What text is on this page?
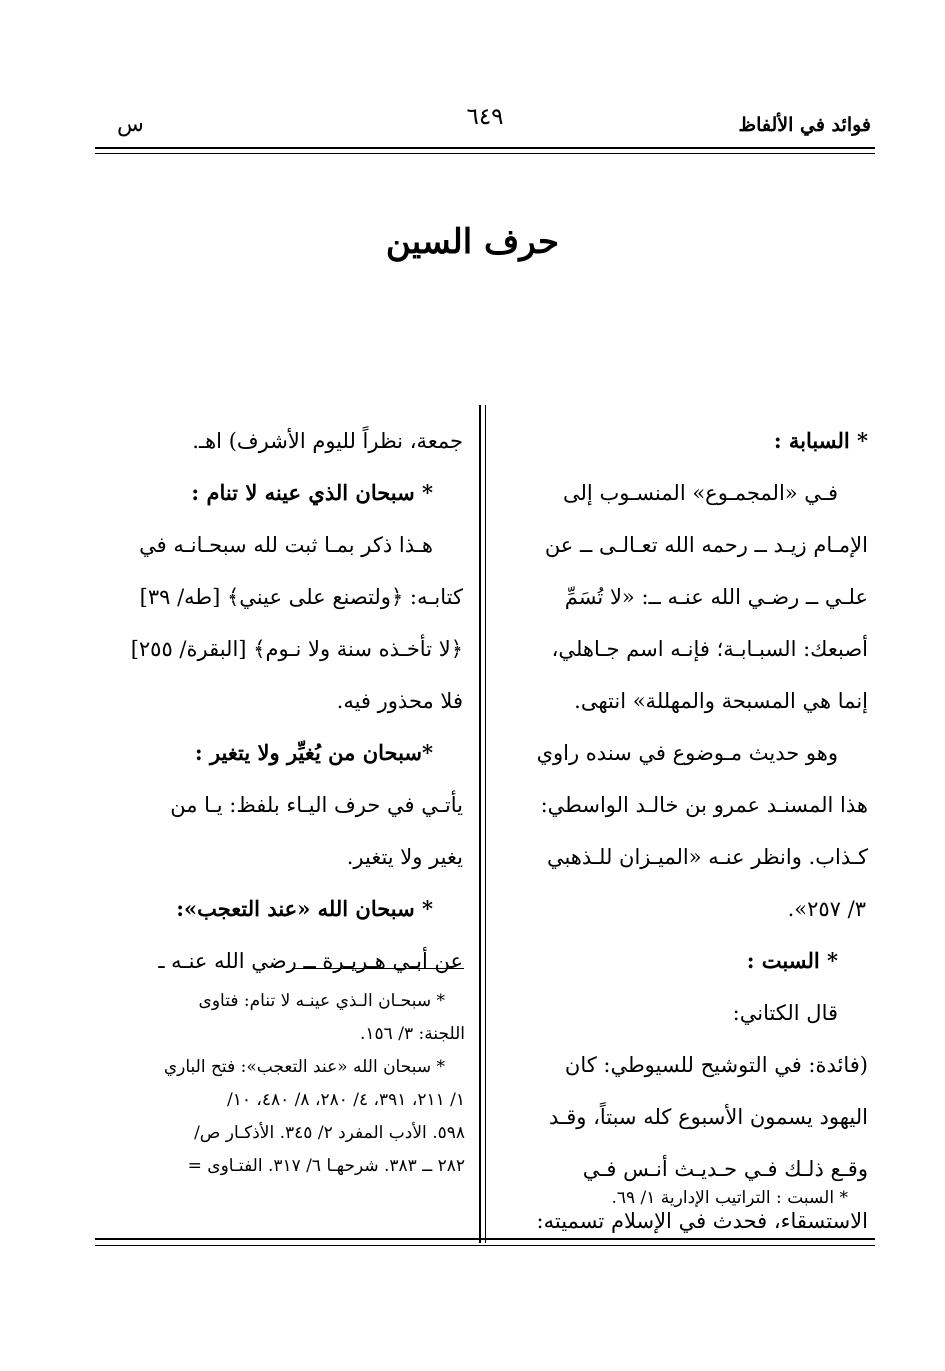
س	٦٤٩	فوائد في الألفاظ
حرف السين

* السبابة :

فـي «المجمـوع» المنسـوب إلى

الإمـام زيـد ــ رحمه الله تعـالـى ــ عن

علـي ــ رضـي الله عنـه ــ: «لا تُسَمِّ

أصبعك: السبـابـة؛ فإنـه اسم جـاهلي،

إنما هي المسبحة والمهللة» انتهى.

وهو حديث مـوضوع في سنده راوي

هذا المسنـد عمرو بن خالـد الواسطي:

كـذاب. وانظر عنـه «الميـزان للـذهبي

٣/ ٢٥٧».

* السبت :

قال الكتاني:

(فائدة: في التوشيح للسيوطي: كان

اليهود يسمون الأسبوع كله سبتاً، وقـد

وقـع ذلـك فـي حـديـث أنـس فـي

الاستسقاء، فحدث في الإسلام تسميته:

جمعة، نظراً لليوم الأشرف) اهـ.

* سبحان الذي عينه لا تنام :

هـذا ذكر بمـا ثبت لله سبحـانـه في

كتابـه: ﴿ولتصنع على عيني﴾ [طه/ ٣٩]

﴿لا تأخـذه سنة ولا نـوم﴾ [البقرة/ ٢٥٥]

فلا محذور فيه.

*سبحان من يُغيِّر ولا يتغير :

يأتـي في حرف اليـاء بلفظ: يـا من

يغير ولا يتغير.

* سبحان الله «عند التعجب»:

عن أبـي هـريـرة ــ رضي الله عنـه ـ

* سبحـان الـذي عينـه لا تنام: فتاوى
اللجنة: ٣/ ١٥٦.
* سبحان الله «عند التعجب»: فتح الباري
١/ ٢١١، ٣٩١، ٤/ ٢٨٠، ٨/ ٤٨٠، ١٠/
٥٩٨. الأدب المفرد ٢/ ٣٤٥. الأذكـار ص/
٢٨٢ ــ ٣٨٣. شرحهـا ٦/ ٣١٧. الفتـاوى =
* السبت : التراتيب الإدارية ١/ ٦٩.
